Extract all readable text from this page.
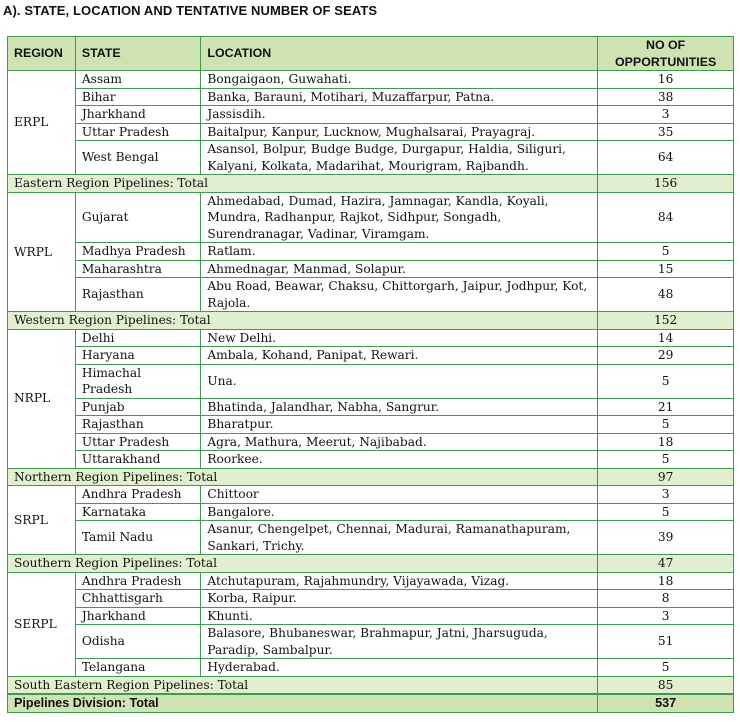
A). STATE, LOCATION AND TENTATIVE NUMBER OF SEATS
REGION	STATE	LOCATION	NO OF
OPPORTUNITIES
ERPL	Assam	Bongaigaon, Guwahati.	16
	Bihar	Banka, Barauni, Motihari, Muzaffarpur, Patna.	38
	Jharkhand	Jassisdih.	3
	Uttar Pradesh	Baitalpur, Kanpur, Lucknow, Mughalsarai, Prayagraj.	35
	West Bengal	Asansol, Bolpur, Budge Budge, Durgapur, Haldia, Siliguri, Kalyani, Kolkata, Madarihat, Mourigram, Rajbandh.	64
Eastern Region Pipelines: Total			156
WRPL	Gujarat	Ahmedabad, Dumad, Hazira, Jamnagar, Kandla, Koyali, Mundra, Radhanpur, Rajkot, Sidhpur, Songadh, Surendranagar, Vadinar, Viramgam.	84
	Madhya Pradesh	Ratlam.	5
	Maharashtra	Ahmednagar, Manmad, Solapur.	15
	Rajasthan	Abu Road, Beawar, Chaksu, Chittorgarh, Jaipur, Jodhpur, Kot, Rajola.	48
Western Region Pipelines: Total			152
NRPL	Delhi	New Delhi.	14
	Haryana	Ambala, Kohand, Panipat, Rewari.	29
	Himachal Pradesh	Una.	5
	Punjab	Bhatinda, Jalandhar, Nabha, Sangrur.	21
	Rajasthan	Bharatpur.	5
	Uttar Pradesh	Agra, Mathura, Meerut, Najibabad.	18
	Uttarakhand	Roorkee.	5
Northern Region Pipelines: Total			97
SRPL	Andhra Pradesh	Chittoor	3
	Karnataka	Bangalore.	5
	Tamil Nadu	Asanur, Chengelpet, Chennai, Madurai, Ramanathapuram, Sankari, Trichy.	39
Southern Region Pipelines: Total			47
SERPL	Andhra Pradesh	Atchutapuram, Rajahmundry, Vijayawada, Vizag.	18
	Chhattisgarh	Korba, Raipur.	8
	Jharkhand	Khunti.	3
	Odisha	Balasore, Bhubaneswar, Brahmapur, Jatni, Jharsuguda, Paradip, Sambalpur.	51
	Telangana	Hyderabad.	5
South Eastern Region Pipelines: Total			85
Pipelines Division: Total			537
